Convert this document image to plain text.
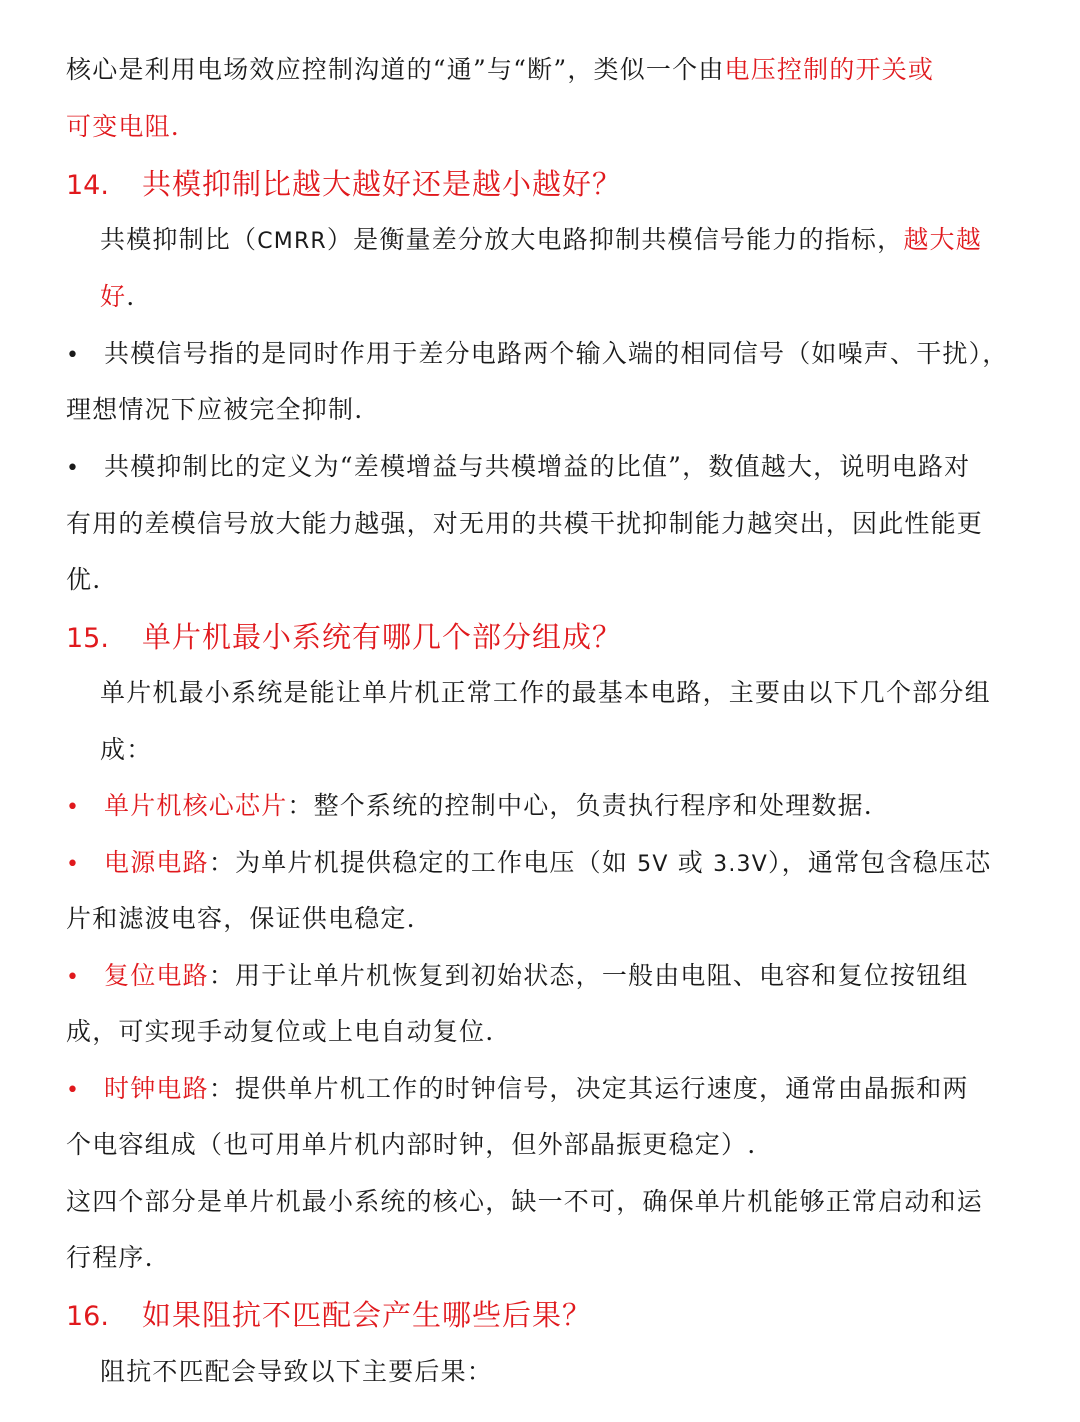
核心是利用电场效应控制沟道的“通”与“断”，类似一个由电压控制的开关或
可变电阻.
14. 共模抑制比越大越好还是越小越好？
共模抑制比（CMRR）是衡量差分放大电路抑制共模信号能力的指标，越大越
好.
• 共模信号指的是同时作用于差分电路两个输入端的相同信号（如噪声、干扰），
理想情况下应被完全抑制.
• 共模抑制比的定义为“差模增益与共模增益的比值”，数值越大，说明电路对
有用的差模信号放大能力越强，对无用的共模干扰抑制能力越突出，因此性能更
优.
15. 单片机最小系统有哪几个部分组成？
单片机最小系统是能让单片机正常工作的最基本电路，主要由以下几个部分组
成：
• 单片机核心芯片：整个系统的控制中心，负责执行程序和处理数据.
• 电源电路：为单片机提供稳定的工作电压（如 5V 或 3.3V），通常包含稳压芯
片和滤波电容，保证供电稳定.
• 复位电路：用于让单片机恢复到初始状态，一般由电阻、电容和复位按钮组
成，可实现手动复位或上电自动复位.
• 时钟电路：提供单片机工作的时钟信号，决定其运行速度，通常由晶振和两
个电容组成（也可用单片机内部时钟，但外部晶振更稳定）.
这四个部分是单片机最小系统的核心，缺一不可，确保单片机能够正常启动和运
行程序.
16. 如果阻抗不匹配会产生哪些后果？
阻抗不匹配会导致以下主要后果：
